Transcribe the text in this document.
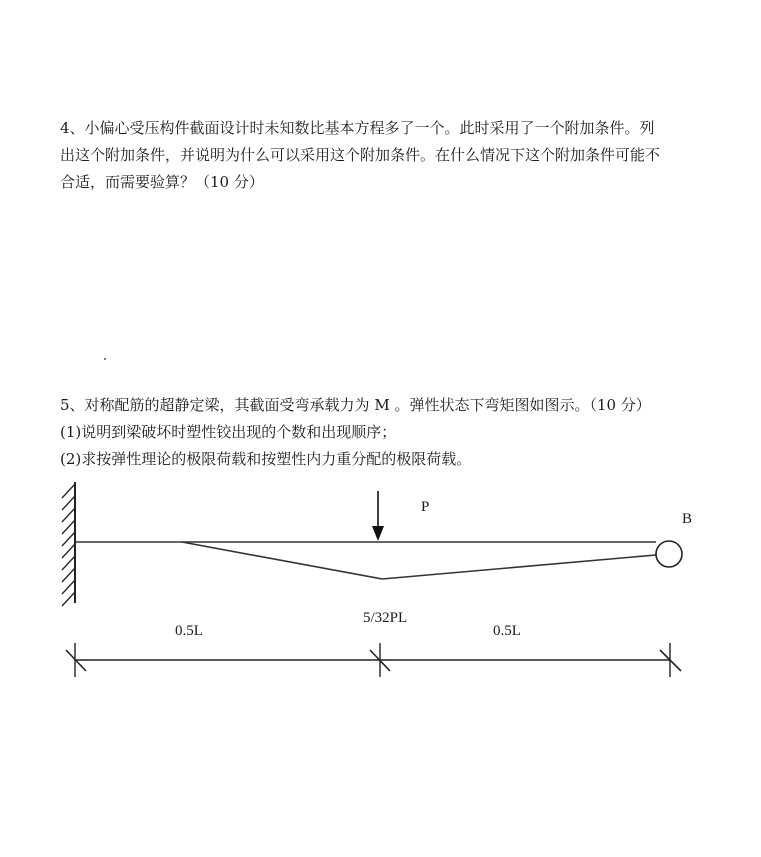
4、小偏心受压构件截面设计时未知数比基本方程多了一个。此时采用了一个附加条件。列

出这个附加条件，并说明为什么可以采用这个附加条件。在什么情况下这个附加条件可能不

合适，而需要验算？（10 分）

5、对称配筋的超静定梁，其截面受弯承载力为 M 。弹性状态下弯矩图如图示。（10 分）

(1)说明到梁破坏时塑性铰出现的个数和出现顺序；

(2)求按弹性理论的极限荷载和按塑性内力重分配的极限荷载。

P
B
5/32PL
0.5L	0.5L
